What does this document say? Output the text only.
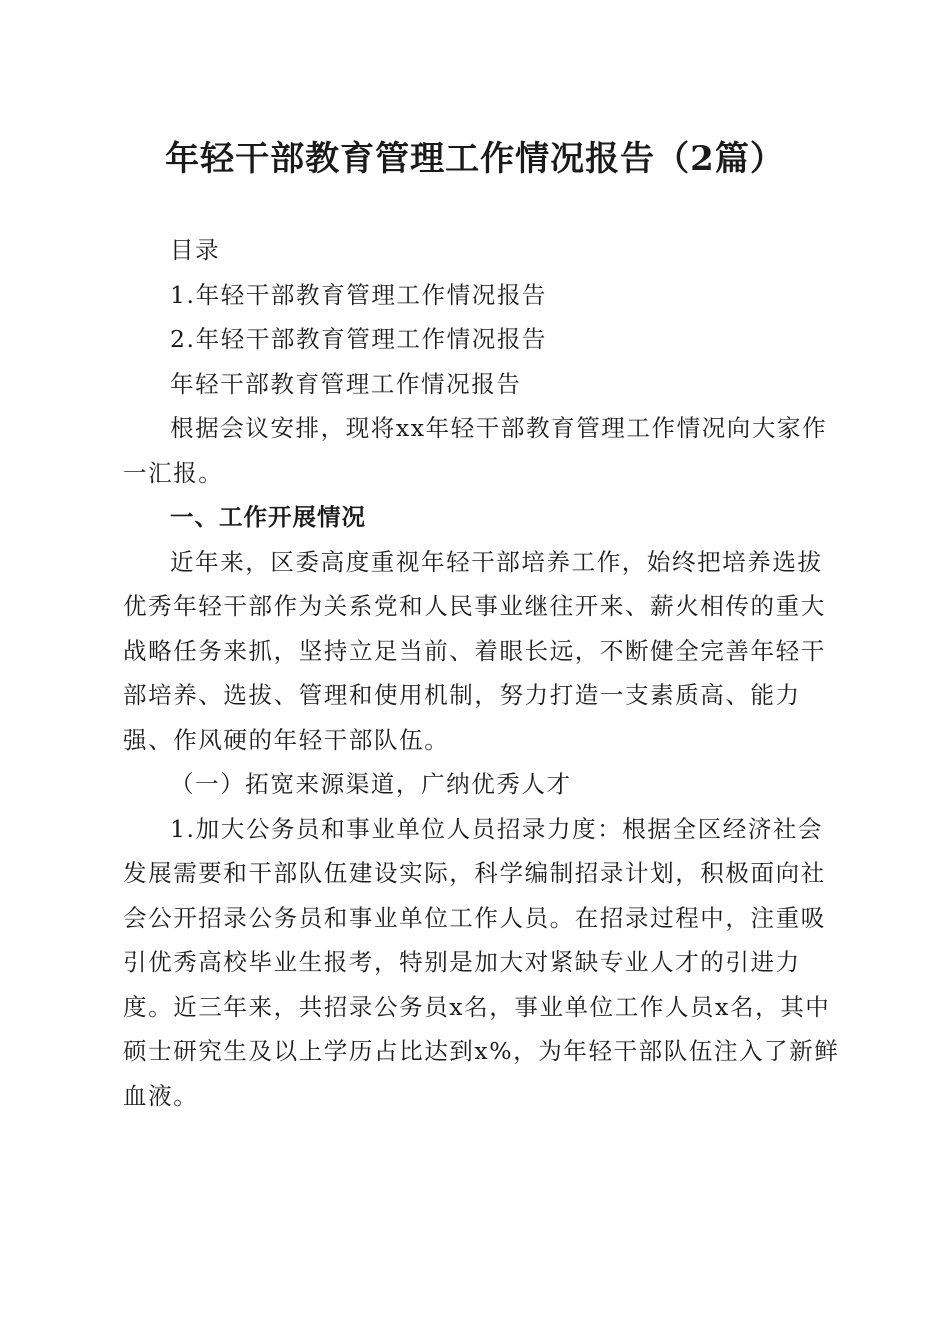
年轻干部教育管理工作情况报告（2篇）

目录

1.年轻干部教育管理工作情况报告

2.年轻干部教育管理工作情况报告

年轻干部教育管理工作情况报告

根据会议安排，现将xx年轻干部教育管理工作情况向大家作一汇报。

一、工作开展情况

近年来，区委高度重视年轻干部培养工作，始终把培养选拔优秀年轻干部作为关系党和人民事业继往开来、薪火相传的重大战略任务来抓，坚持立足当前、着眼长远，不断健全完善年轻干部培养、选拔、管理和使用机制，努力打造一支素质高、能力强、作风硬的年轻干部队伍。

（一）拓宽来源渠道，广纳优秀人才

1.加大公务员和事业单位人员招录力度：根据全区经济社会发展需要和干部队伍建设实际，科学编制招录计划，积极面向社会公开招录公务员和事业单位工作人员。在招录过程中，注重吸引优秀高校毕业生报考，特别是加大对紧缺专业人才的引进力度。近三年来，共招录公务员x名，事业单位工作人员x名，其中硕士研究生及以上学历占比达到x%，为年轻干部队伍注入了新鲜血液。
